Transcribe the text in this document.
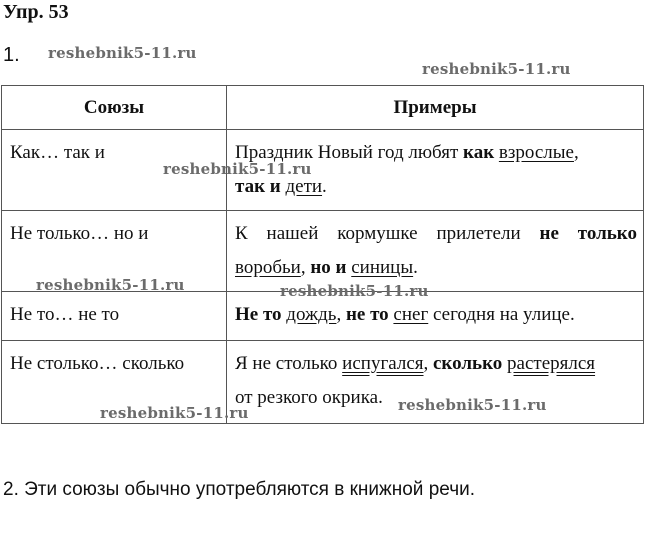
Упр. 53
1.
Союзы	Примеры

Как… так и	Праздник Новый год любят как взрослые,
так и дети.

Не только… но и	К нашей кормушке прилетели не только
воробьи, но и синицы.

Не то… не то	Не то дождь, не то снег сегодня на улице.

Не столько… сколько	Я не столько испугался, сколько растерялся
от резкого окрика.
reshebnik5-11.ru
reshebnik5-11.ru
reshebnik5-11.ru
reshebnik5-11.ru	reshebnik5-11.ru
reshebnik5-11.ru
reshebnik5-11.ru
2. Эти союзы обычно употребляются в книжной речи.
